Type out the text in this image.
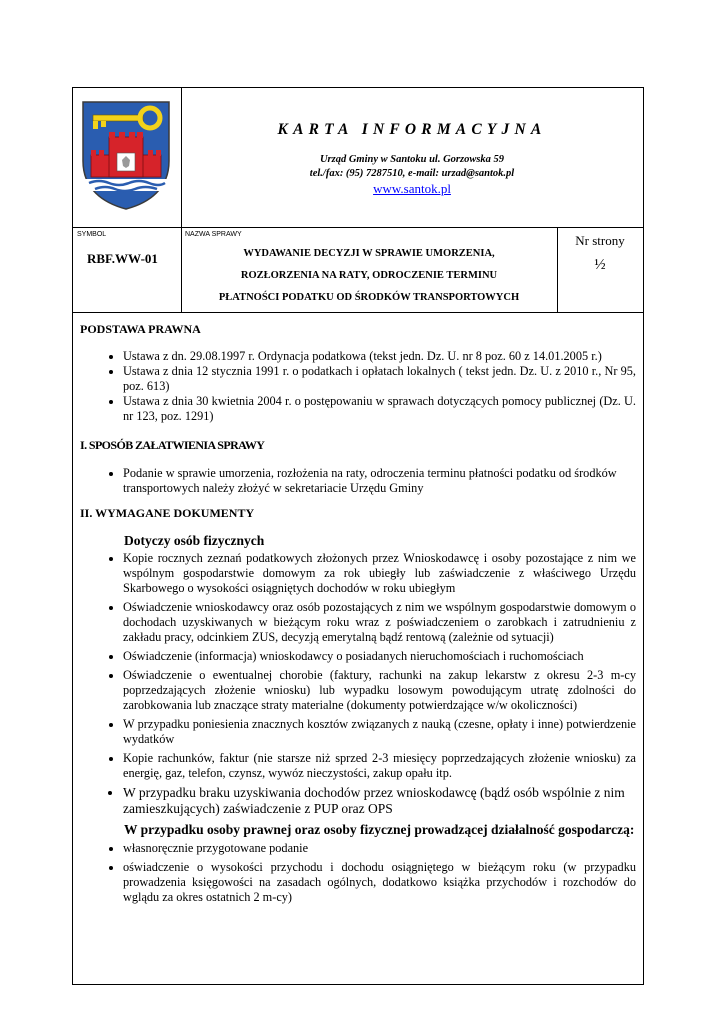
KARTA INFORMACYJNA
Urząd Gminy w Santoku ul. Gorzowska 59
tel./fax: (95) 7287510, e-mail: urzad@santok.pl
www.santok.pl
SYMBOL
RBF.WW-01
NAZWA SPRAWY
WYDAWANIE DECYZJI W SPRAWIE UMORZENIA,
ROZŁORZENIA NA RATY, ODROCZENIE TERMINU
PŁATNOŚCI PODATKU OD ŚRODKÓW TRANSPORTOWYCH
Nr strony
½

PODSTAWA PRAWNA

• Ustawa z dn. 29.08.1997 r. Ordynacja podatkowa (tekst jedn. Dz. U. nr 8 poz. 60 z 14.01.2005 r.)
• Ustawa z dnia 12 stycznia 1991 r. o podatkach i opłatach lokalnych ( tekst jedn. Dz. U. z 2010 r., Nr 95, poz. 613)
• Ustawa z dnia 30 kwietnia 2004 r. o postępowaniu w sprawach dotyczących pomocy publicznej (Dz. U. nr 123, poz. 1291)

I. SPOSÓB ZAŁATWIENIA SPRAWY

• Podanie w sprawie umorzenia, rozłożenia na raty, odroczenia terminu płatności podatku od środków transportowych należy złożyć w sekretariacie Urzędu Gminy

II. WYMAGANE DOKUMENTY

Dotyczy osób fizycznych

• Kopie rocznych zeznań podatkowych złożonych przez Wnioskodawcę i osoby pozostające z nim we wspólnym gospodarstwie domowym za rok ubiegły lub zaświadczenie z właściwego Urzędu Skarbowego o wysokości osiągniętych dochodów w roku ubiegłym
• Oświadczenie wnioskodawcy oraz osób pozostających z nim we wspólnym gospodarstwie domowym o dochodach uzyskiwanych w bieżącym roku wraz z poświadczeniem o zarobkach i zatrudnieniu z zakładu pracy, odcinkiem ZUS, decyzją emerytalną bądź rentową (zależnie od sytuacji)
• Oświadczenie (informacja) wnioskodawcy o posiadanych nieruchomościach i ruchomościach
• Oświadczenie o ewentualnej chorobie (faktury, rachunki na zakup lekarstw z okresu 2-3 m-cy poprzedzających złożenie wniosku) lub wypadku losowym powodującym utratę zdolności do zarobkowania lub znaczące straty materialne (dokumenty potwierdzające w/w okoliczności)
• W przypadku poniesienia znacznych kosztów związanych z nauką (czesne, opłaty i inne) potwierdzenie wydatków
• Kopie rachunków, faktur (nie starsze niż sprzed 2-3 miesięcy poprzedzających złożenie wniosku) za energię, gaz, telefon, czynsz, wywóz nieczystości, zakup opału itp.
• W przypadku braku uzyskiwania dochodów przez wnioskodawcę (bądź osób wspólnie z nim zamieszkujących) zaświadczenie z PUP oraz OPS

W przypadku osoby prawnej oraz osoby fizycznej prowadzącej działalność gospodarczą:

• własnoręcznie przygotowane podanie
• oświadczenie o wysokości przychodu i dochodu osiągniętego w bieżącym roku (w przypadku prowadzenia księgowości na zasadach ogólnych, dodatkowo książka przychodów i rozchodów do wglądu za okres ostatnich 2 m-cy)
